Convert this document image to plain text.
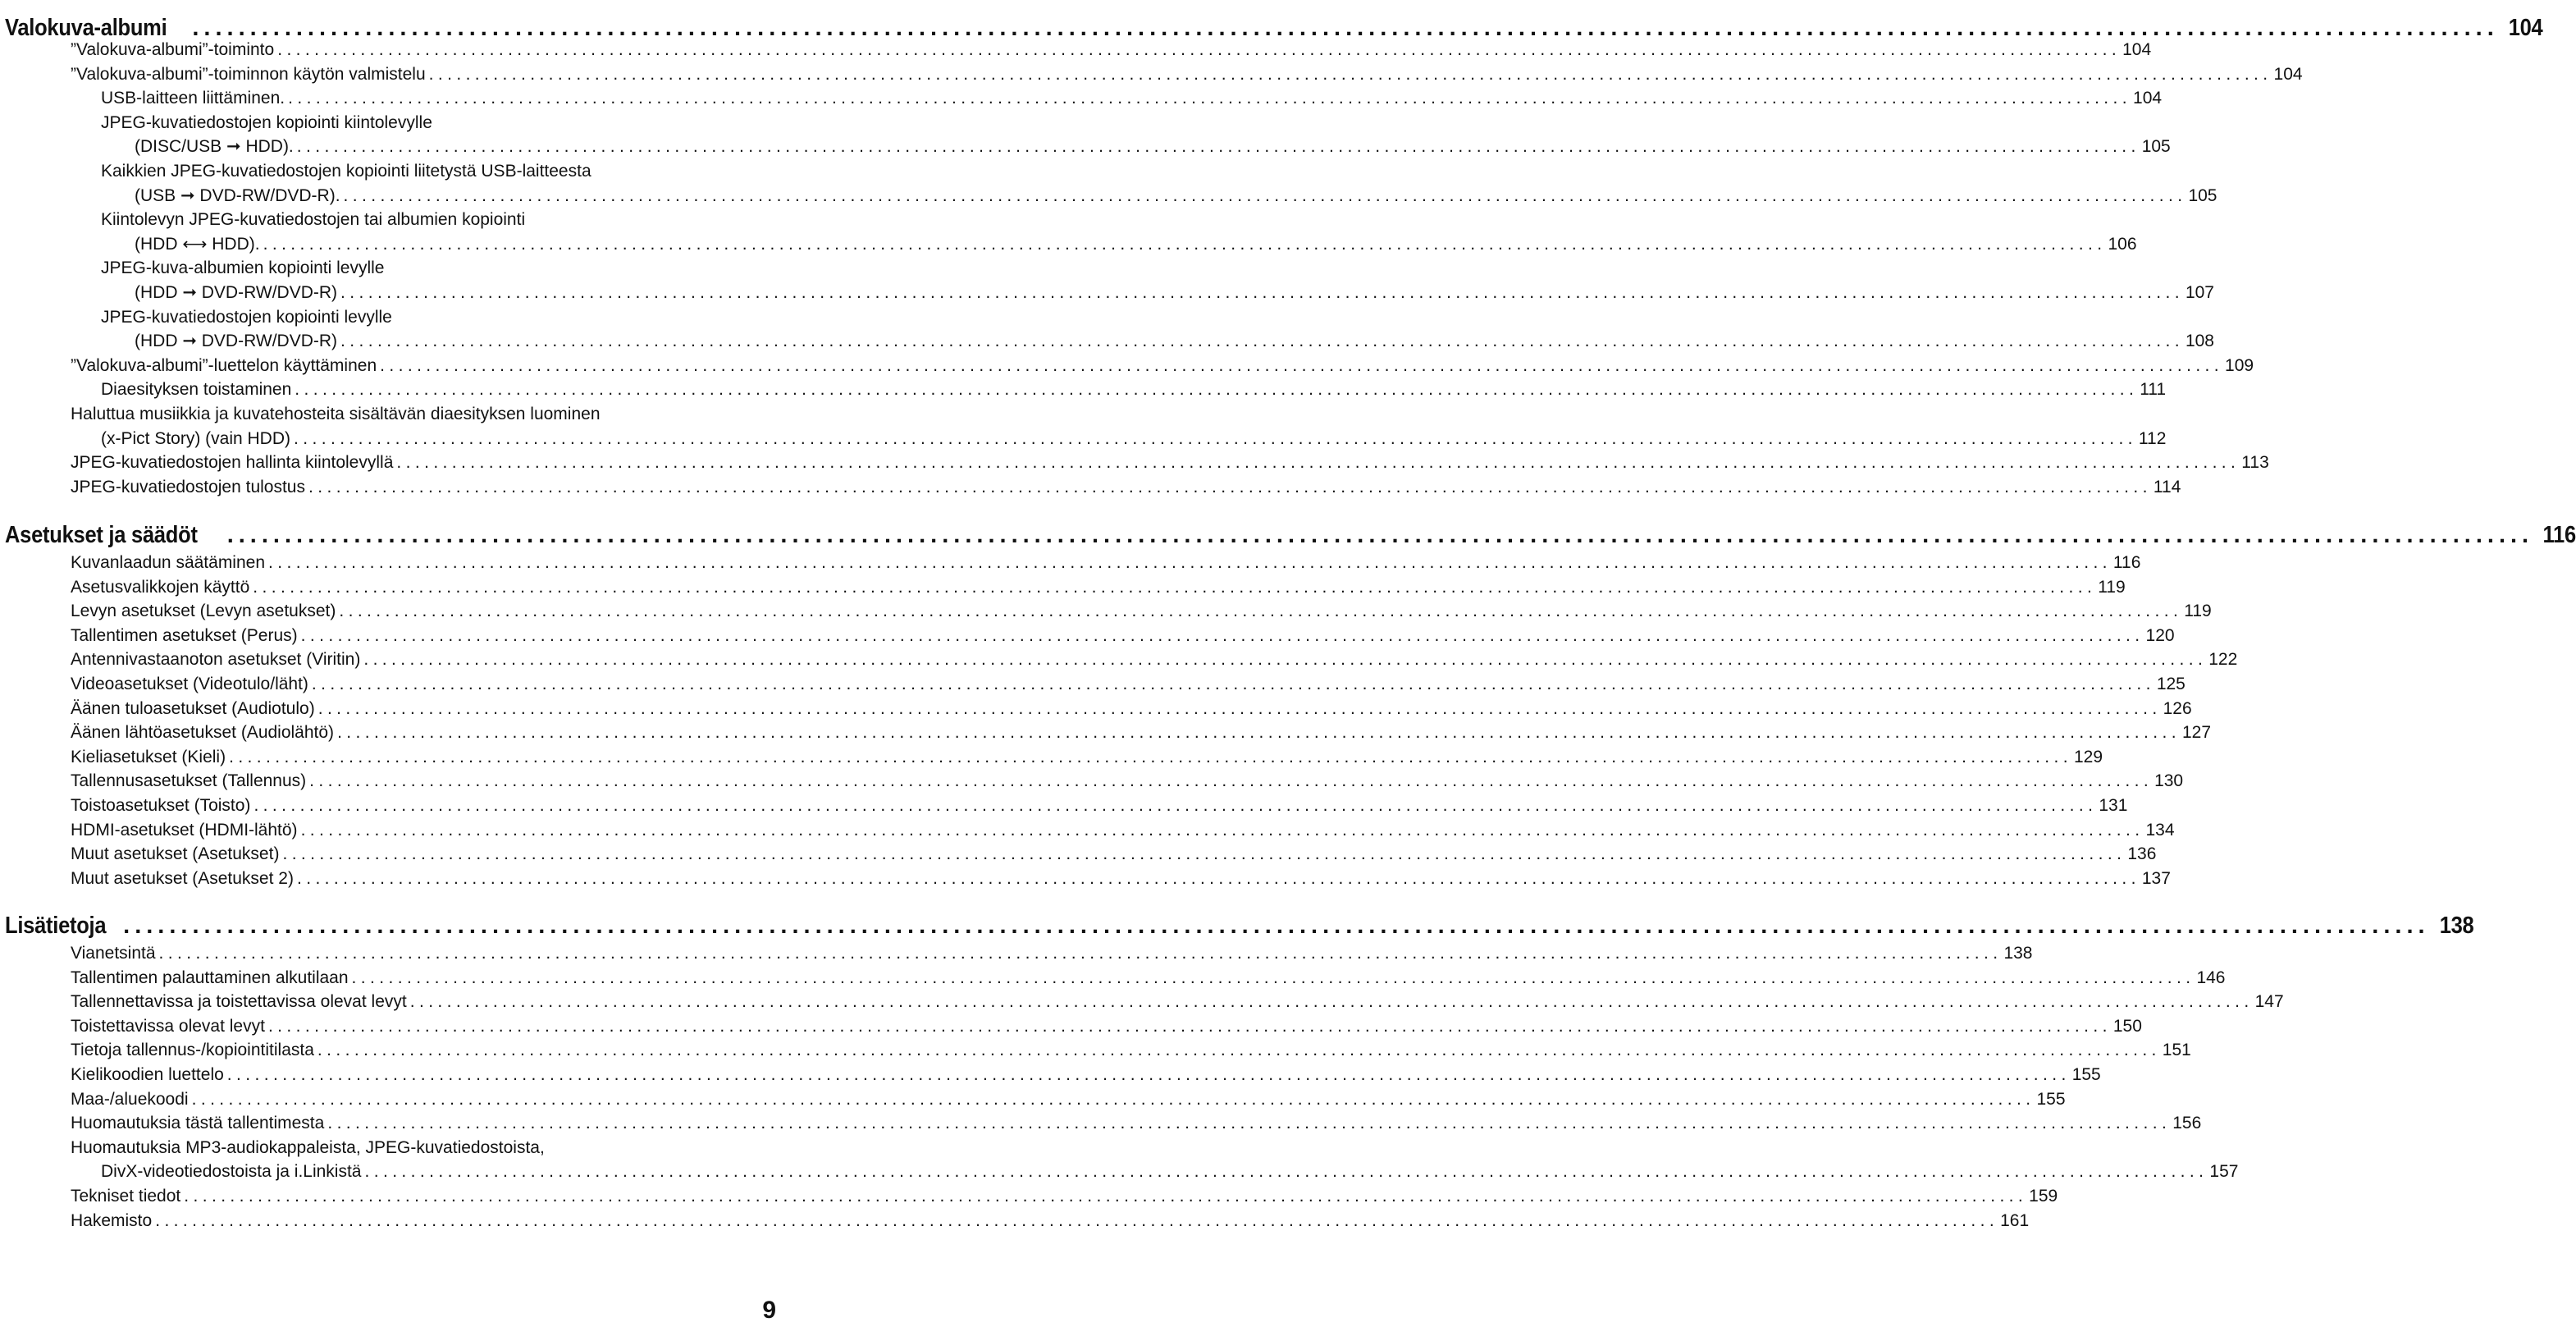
Valokuva-albumi ........................................................................................................................................................................................................ 104
”Valokuva-albumi”-toiminto ........................................................................................................................................................................................................ 104
”Valokuva-albumi”-toiminnon käytön valmistelu ........................................................................................................................................................................................................ 104
USB-laitteen liittäminen. ........................................................................................................................................................................................................ 104
JPEG-kuvatiedostojen kopiointi kiintolevylle
(DISC/USB ➞ HDD). ........................................................................................................................................................................................................ 105
Kaikkien JPEG-kuvatiedostojen kopiointi liitetystä USB-laitteesta
(USB ➞ DVD-RW/DVD-R). ........................................................................................................................................................................................................ 105
Kiintolevyn JPEG-kuvatiedostojen tai albumien kopiointi
(HDD ⟷ HDD). ........................................................................................................................................................................................................ 106
JPEG-kuva-albumien kopiointi levylle
(HDD ➞ DVD-RW/DVD-R) ........................................................................................................................................................................................................ 107
JPEG-kuvatiedostojen kopiointi levylle
(HDD ➞ DVD-RW/DVD-R) ........................................................................................................................................................................................................ 108
”Valokuva-albumi”-luettelon käyttäminen ........................................................................................................................................................................................................ 109
Diaesityksen toistaminen ........................................................................................................................................................................................................ 111
Haluttua musiikkia ja kuvatehosteita sisältävän diaesityksen luominen
(x-Pict Story) (vain HDD) ........................................................................................................................................................................................................ 112
JPEG-kuvatiedostojen hallinta kiintolevyllä ........................................................................................................................................................................................................ 113
JPEG-kuvatiedostojen tulostus ........................................................................................................................................................................................................ 114
Asetukset ja säädöt ........................................................................................................................................................................................................ 116
Kuvanlaadun säätäminen ........................................................................................................................................................................................................ 116
Asetusvalikkojen käyttö ........................................................................................................................................................................................................ 119
Levyn asetukset (Levyn asetukset) ........................................................................................................................................................................................................ 119
Tallentimen asetukset (Perus) ........................................................................................................................................................................................................ 120
Antennivastaanoton asetukset (Viritin) ........................................................................................................................................................................................................ 122
Videoasetukset (Videotulo/läht) ........................................................................................................................................................................................................ 125
Äänen tuloasetukset (Audiotulo) ........................................................................................................................................................................................................ 126
Äänen lähtöasetukset (Audiolähtö) ........................................................................................................................................................................................................ 127
Kieliasetukset (Kieli) ........................................................................................................................................................................................................ 129
Tallennusasetukset (Tallennus) ........................................................................................................................................................................................................ 130
Toistoasetukset (Toisto) ........................................................................................................................................................................................................ 131
HDMI-asetukset (HDMI-lähtö) ........................................................................................................................................................................................................ 134
Muut asetukset (Asetukset) ........................................................................................................................................................................................................ 136
Muut asetukset (Asetukset 2) ........................................................................................................................................................................................................ 137
Lisätietoja ........................................................................................................................................................................................................ 138
Vianetsintä ........................................................................................................................................................................................................ 138
Tallentimen palauttaminen alkutilaan ........................................................................................................................................................................................................ 146
Tallennettavissa ja toistettavissa olevat levyt ........................................................................................................................................................................................................ 147
Toistettavissa olevat levyt ........................................................................................................................................................................................................ 150
Tietoja tallennus-/kopiointitilasta ........................................................................................................................................................................................................ 151
Kielikoodien luettelo ........................................................................................................................................................................................................ 155
Maa-/aluekoodi ........................................................................................................................................................................................................ 155
Huomautuksia tästä tallentimesta ........................................................................................................................................................................................................ 156
Huomautuksia MP3-audiokappaleista, JPEG-kuvatiedostoista,
DivX-videotiedostoista ja i.Linkistä ........................................................................................................................................................................................................ 157
Tekniset tiedot ........................................................................................................................................................................................................ 159
Hakemisto ........................................................................................................................................................................................................ 161
9
